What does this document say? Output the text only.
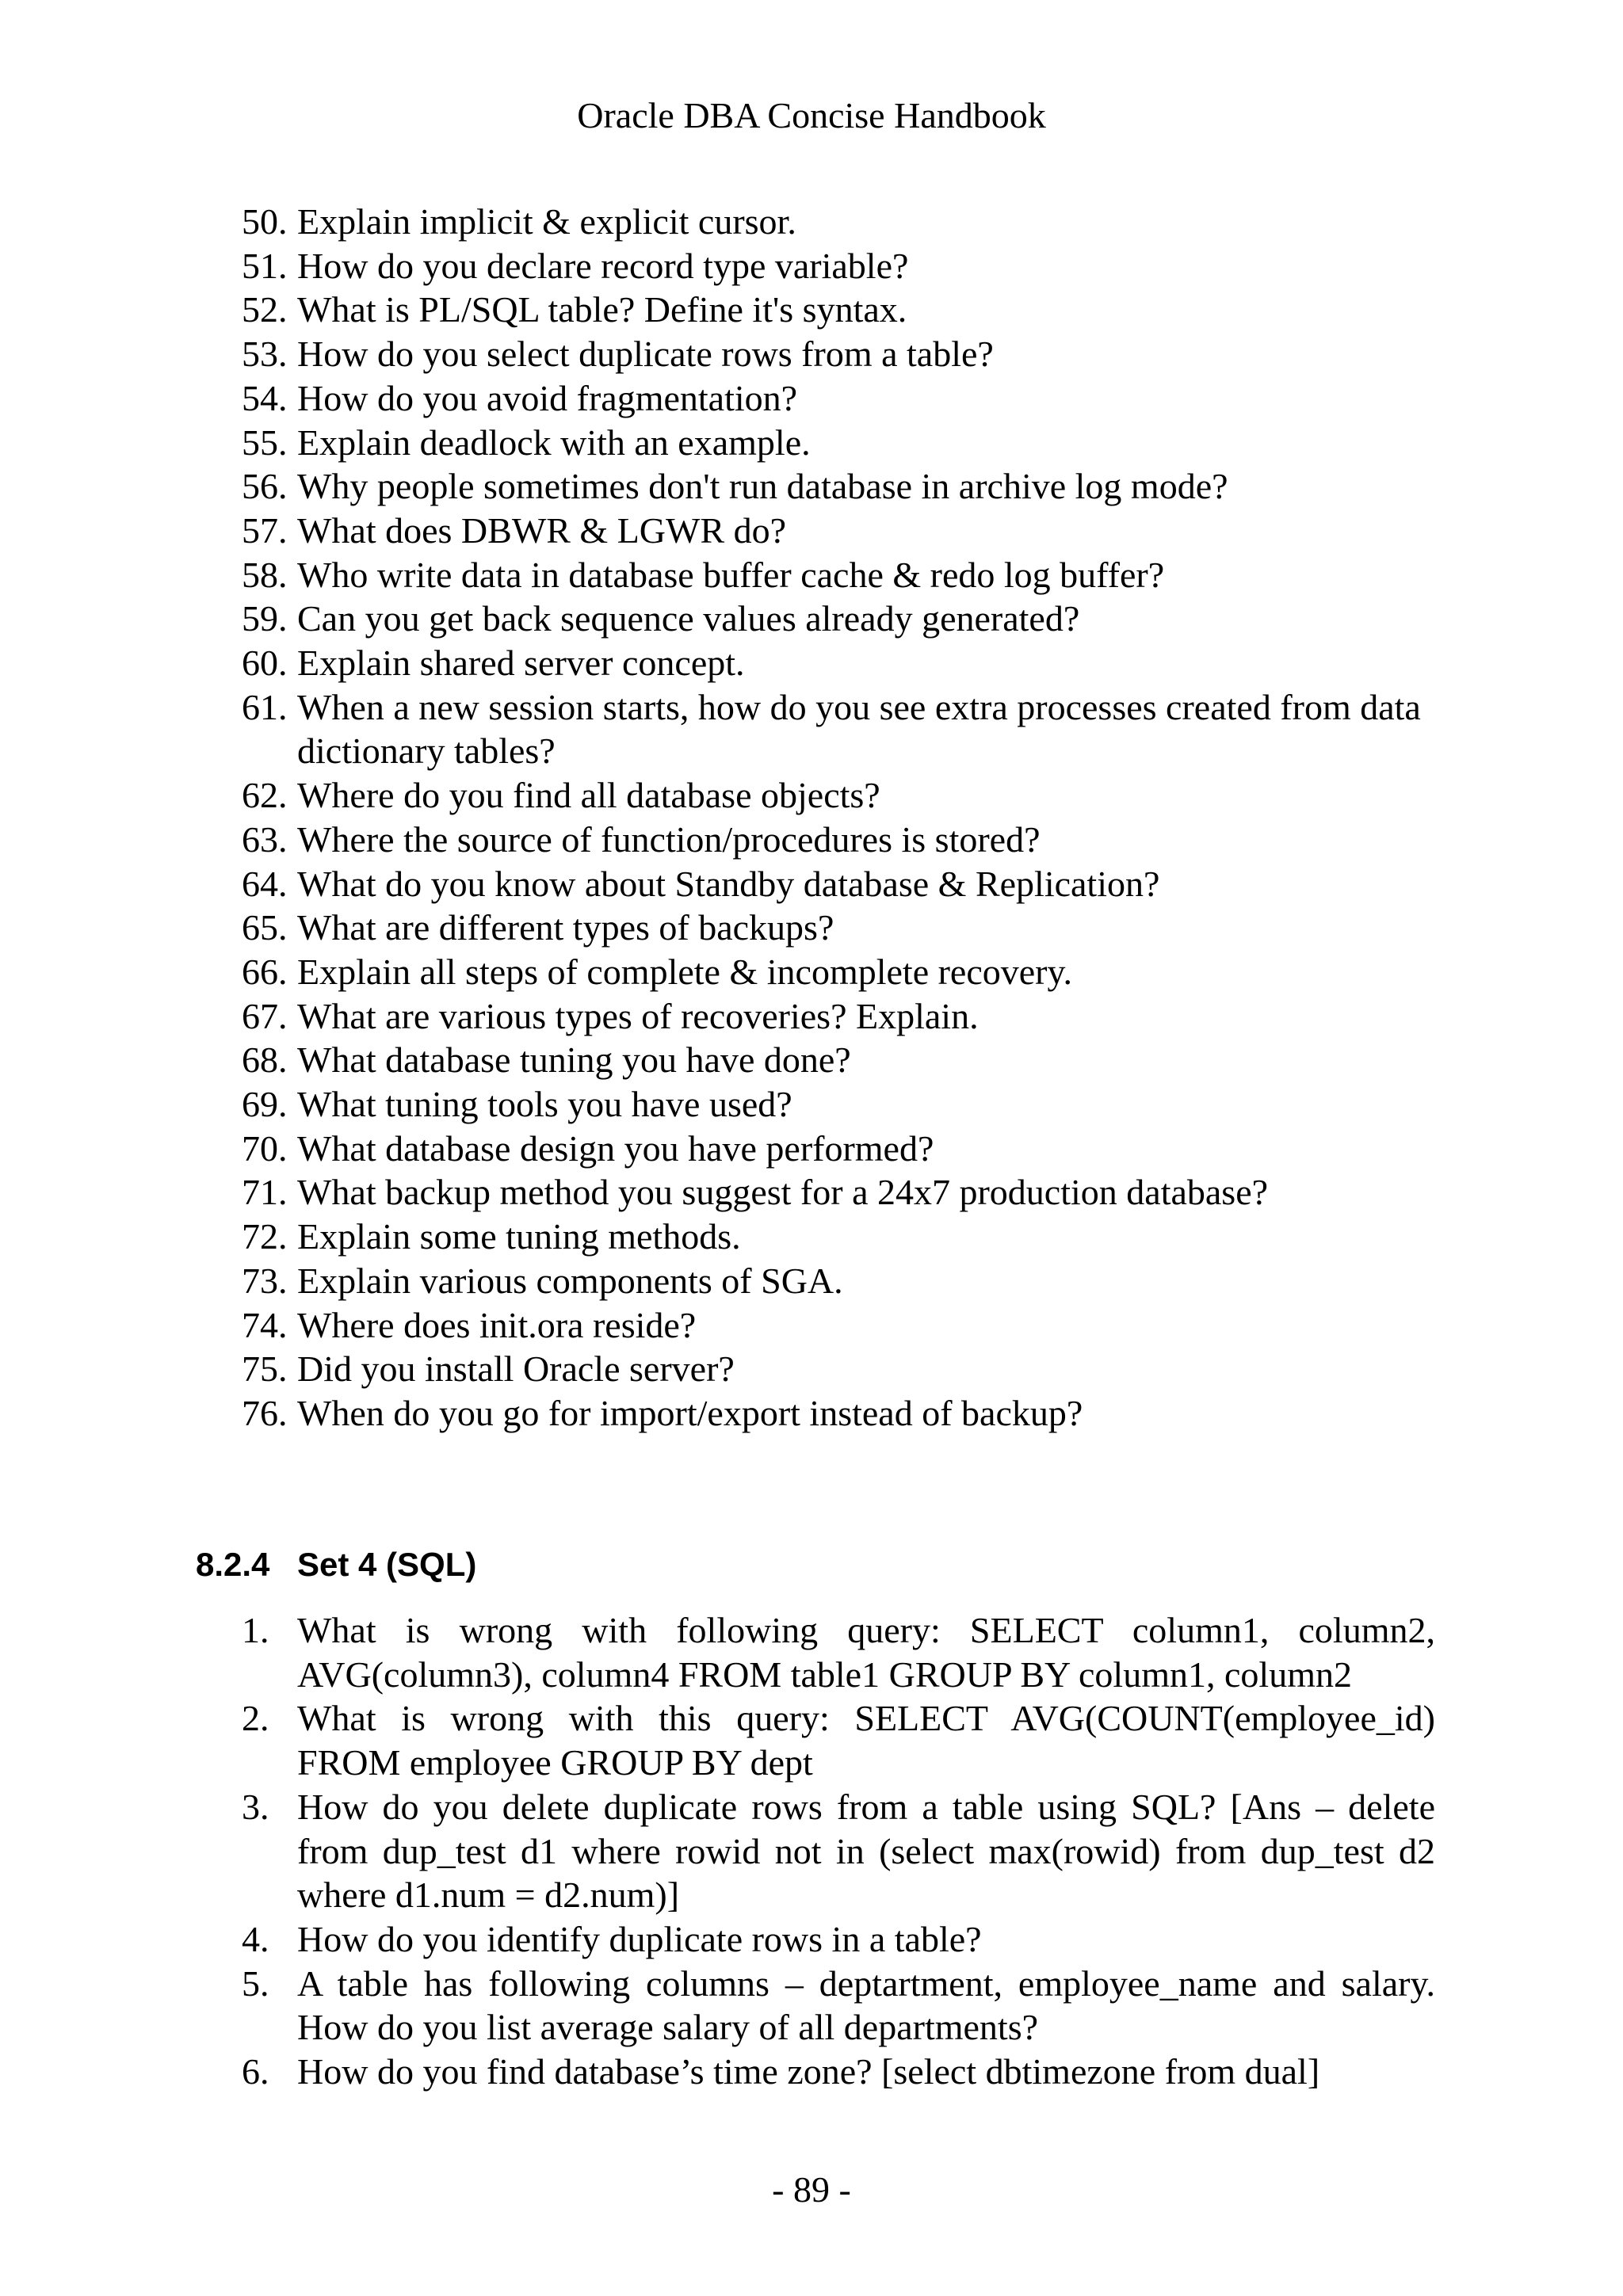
Oracle DBA Concise Handbook
50. Explain implicit & explicit cursor.
51. How do you declare record type variable?
52. What is PL/SQL table? Define it's syntax.
53. How do you select duplicate rows from a table?
54. How do you avoid fragmentation?
55. Explain deadlock with an example.
56. Why people sometimes don't run database in archive log mode?
57. What does DBWR & LGWR do?
58. Who write data in database buffer cache & redo log buffer?
59. Can you get back sequence values already generated?
60. Explain shared server concept.
61. When a new session starts, how do you see extra processes created from data dictionary tables?
62. Where do you find all database objects?
63. Where the source of function/procedures is stored?
64. What do you know about Standby database & Replication?
65. What are different types of backups?
66. Explain all steps of complete & incomplete recovery.
67. What are various types of recoveries? Explain.
68. What database tuning you have done?
69. What tuning tools you have used?
70. What database design you have performed?
71. What backup method you suggest for a 24x7 production database?
72. Explain some tuning methods.
73. Explain various components of SGA.
74. Where does init.ora reside?
75. Did you install Oracle server?
76. When do you go for import/export instead of backup?
8.2.4 Set 4 (SQL)
1. What is wrong with following query: SELECT column1, column2, AVG(column3), column4 FROM table1 GROUP BY column1, column2
2. What is wrong with this query: SELECT AVG(COUNT(employee_id) FROM employee GROUP BY dept
3. How do you delete duplicate rows from a table using SQL? [Ans – delete from dup_test d1 where rowid not in (select max(rowid) from dup_test d2 where d1.num = d2.num)]
4. How do you identify duplicate rows in a table?
5. A table has following columns – deptartment, employee_name and salary. How do you list average salary of all departments?
6. How do you find database’s time zone? [select dbtimezone from dual]
- 89 -
